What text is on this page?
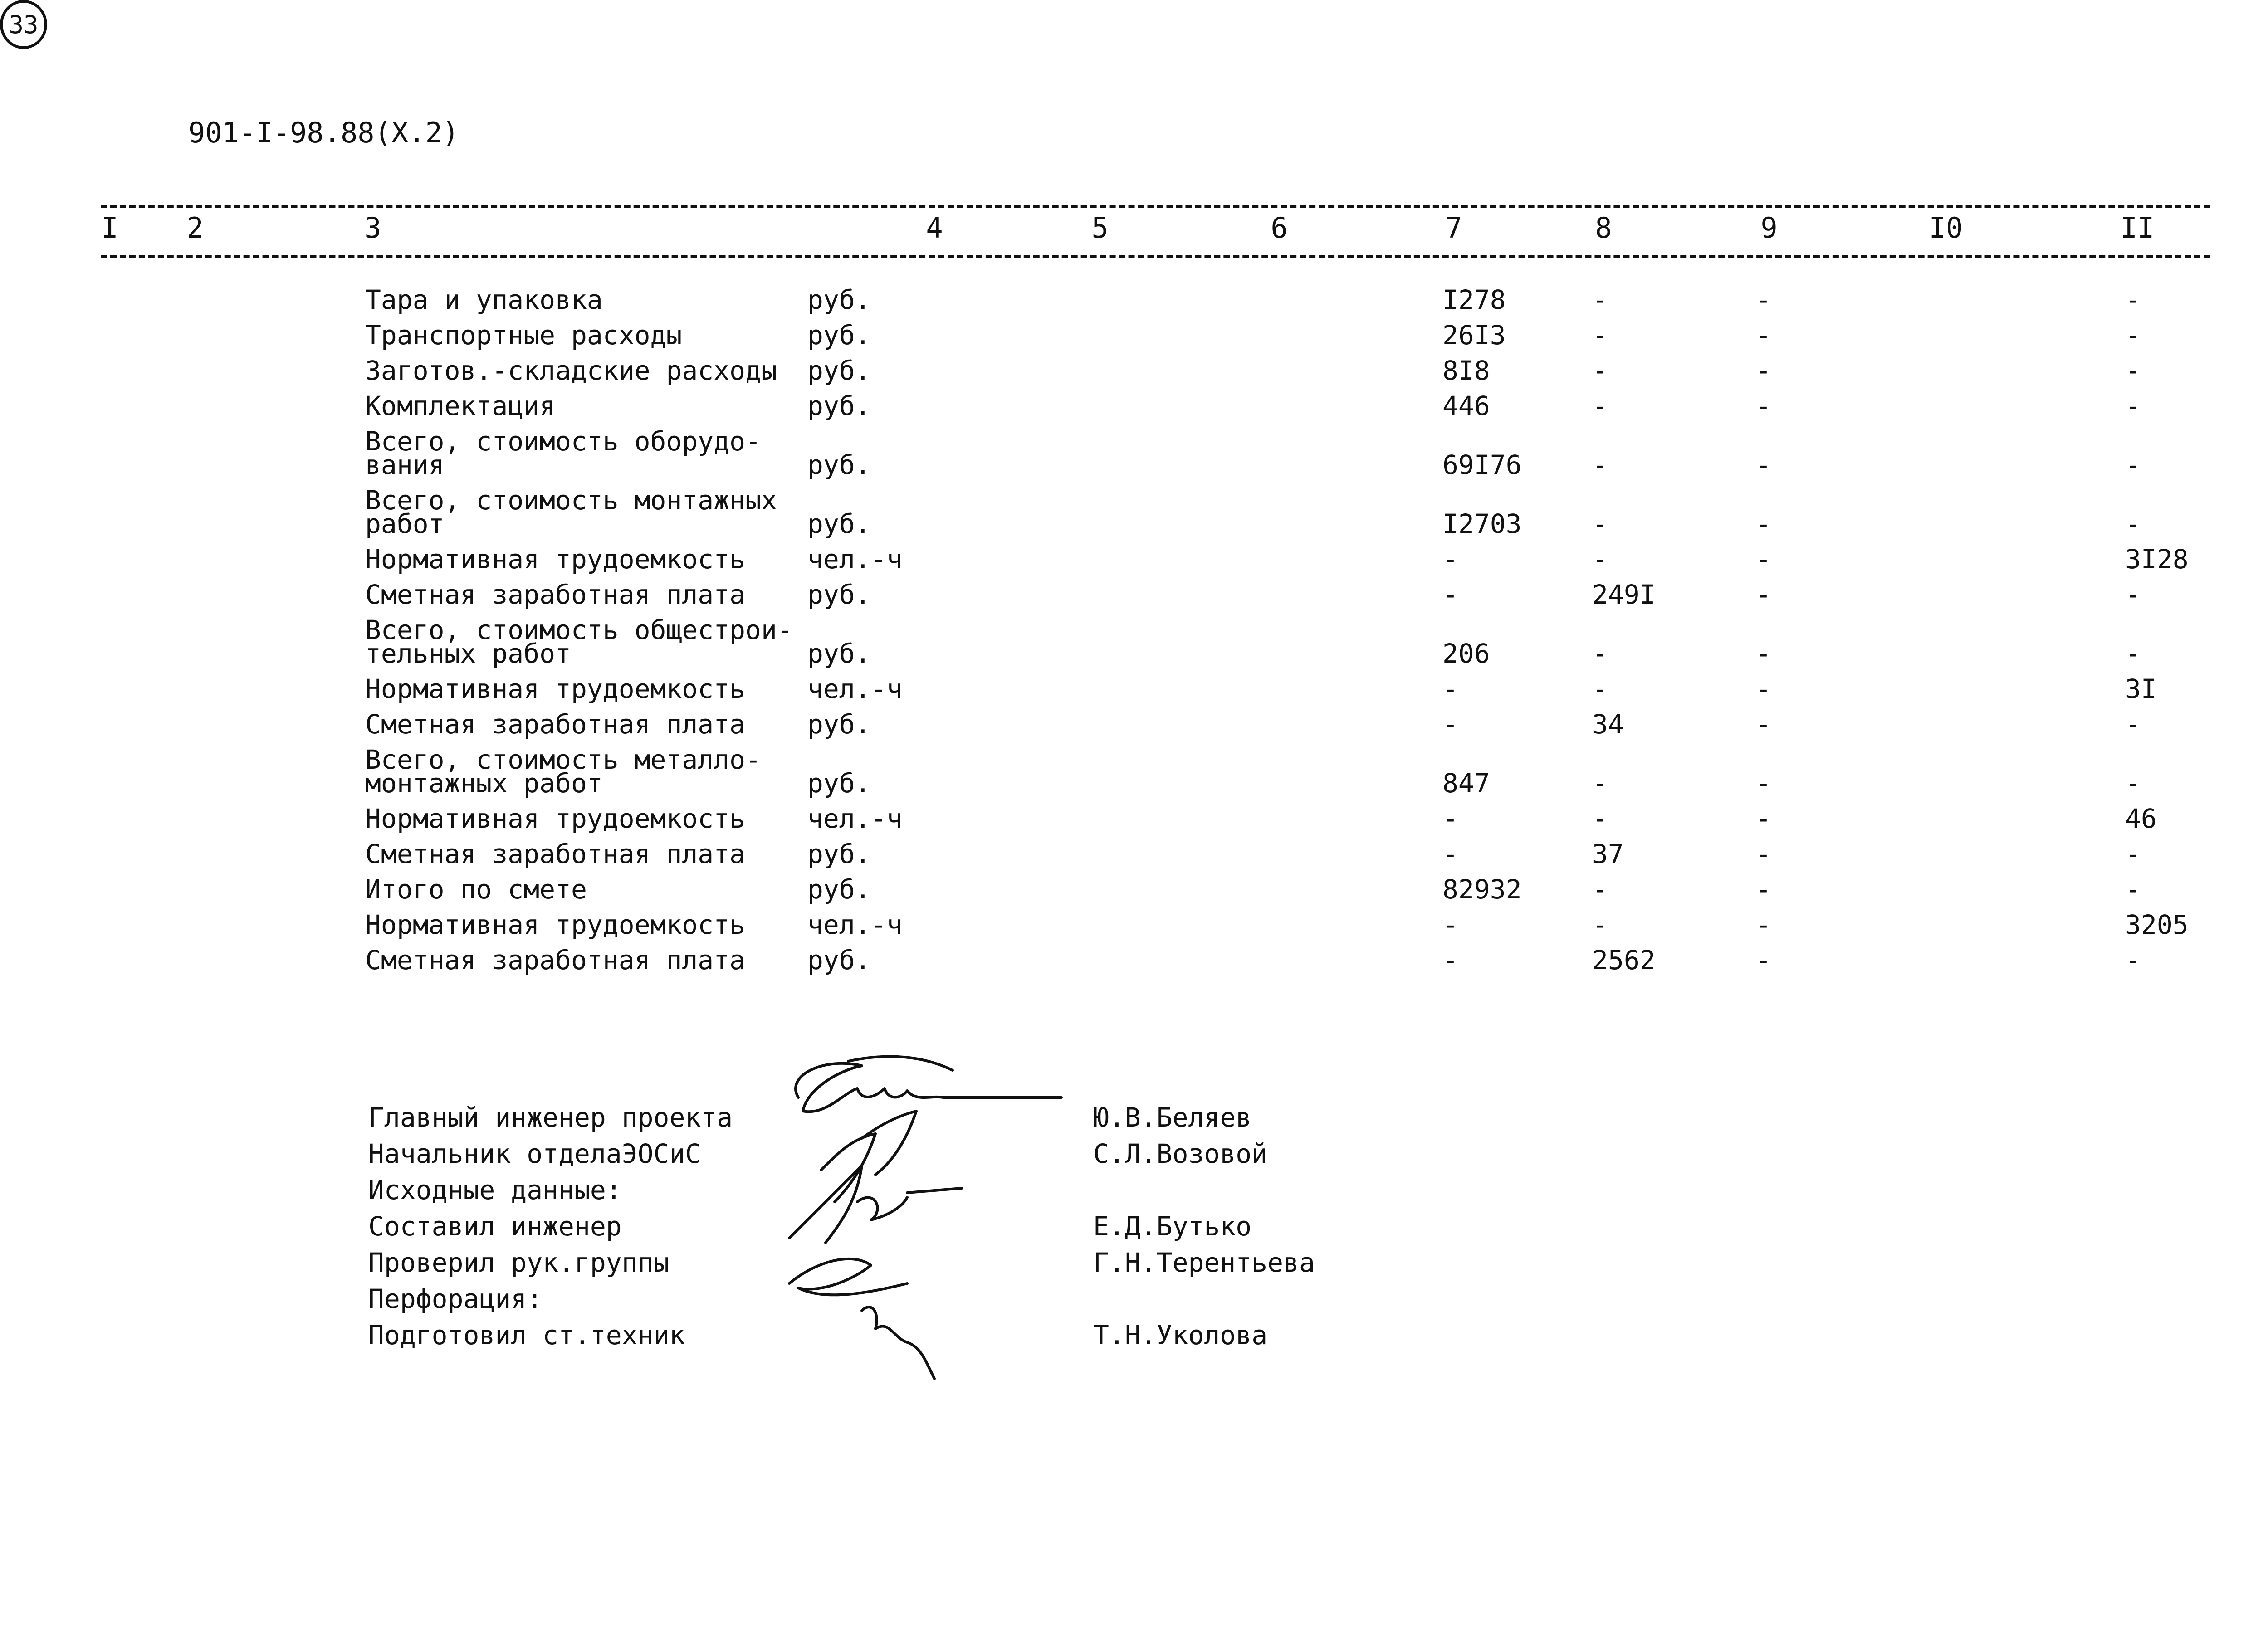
901-I-98.88(X.2)
33
I 2	3	4	5	6	7	8	9	I0	II
Тара и упаковка	руб.	I278	-	-	-
Транспортные расходы	руб.	26I3	-	-	-
Заготов.-складские расходы руб.	8I8	-	-	-
Комплектация	руб.	446	-	-	-
Всего, стоимость оборудо-
вания	руб.	69I76	-	-	-
Всего, стоимость монтажных
работ	руб.	I2703	-	-	-
Нормативная трудоемкость чел.-ч	-	-	-	3I28
Сметная заработная плата руб.	-	249I	-	-
Всего, стоимость общестрои-
тельных работ	руб.	206	-	-	-
Нормативная трудоемкость чел.-ч	-	-	-	3I
Сметная заработная плата руб.	-	34	-	-
Всего, стоимость металло-
монтажных работ	руб.	847	-	-	-
Нормативная трудоемкость чел.-ч	-	-	-	46
Сметная заработная плата руб.	-	37	-	-
Итого по смете	руб.	82932	-	-	-
Нормативная трудоемкость чел.-ч	-	-	-	3205
Сметная заработная плата руб.	-	2562	-	-
Главный инженер проекта	Ю.В.Беляев
Начальник отделаЭОСиС	С.Л.Возовой
Исходные данные:
Составил инженер	Е.Д.Бутько
Проверил рук.группы	Г.Н.Терентьева
Перфорация:
Подготовил ст.техник	Т.Н.Уколова
